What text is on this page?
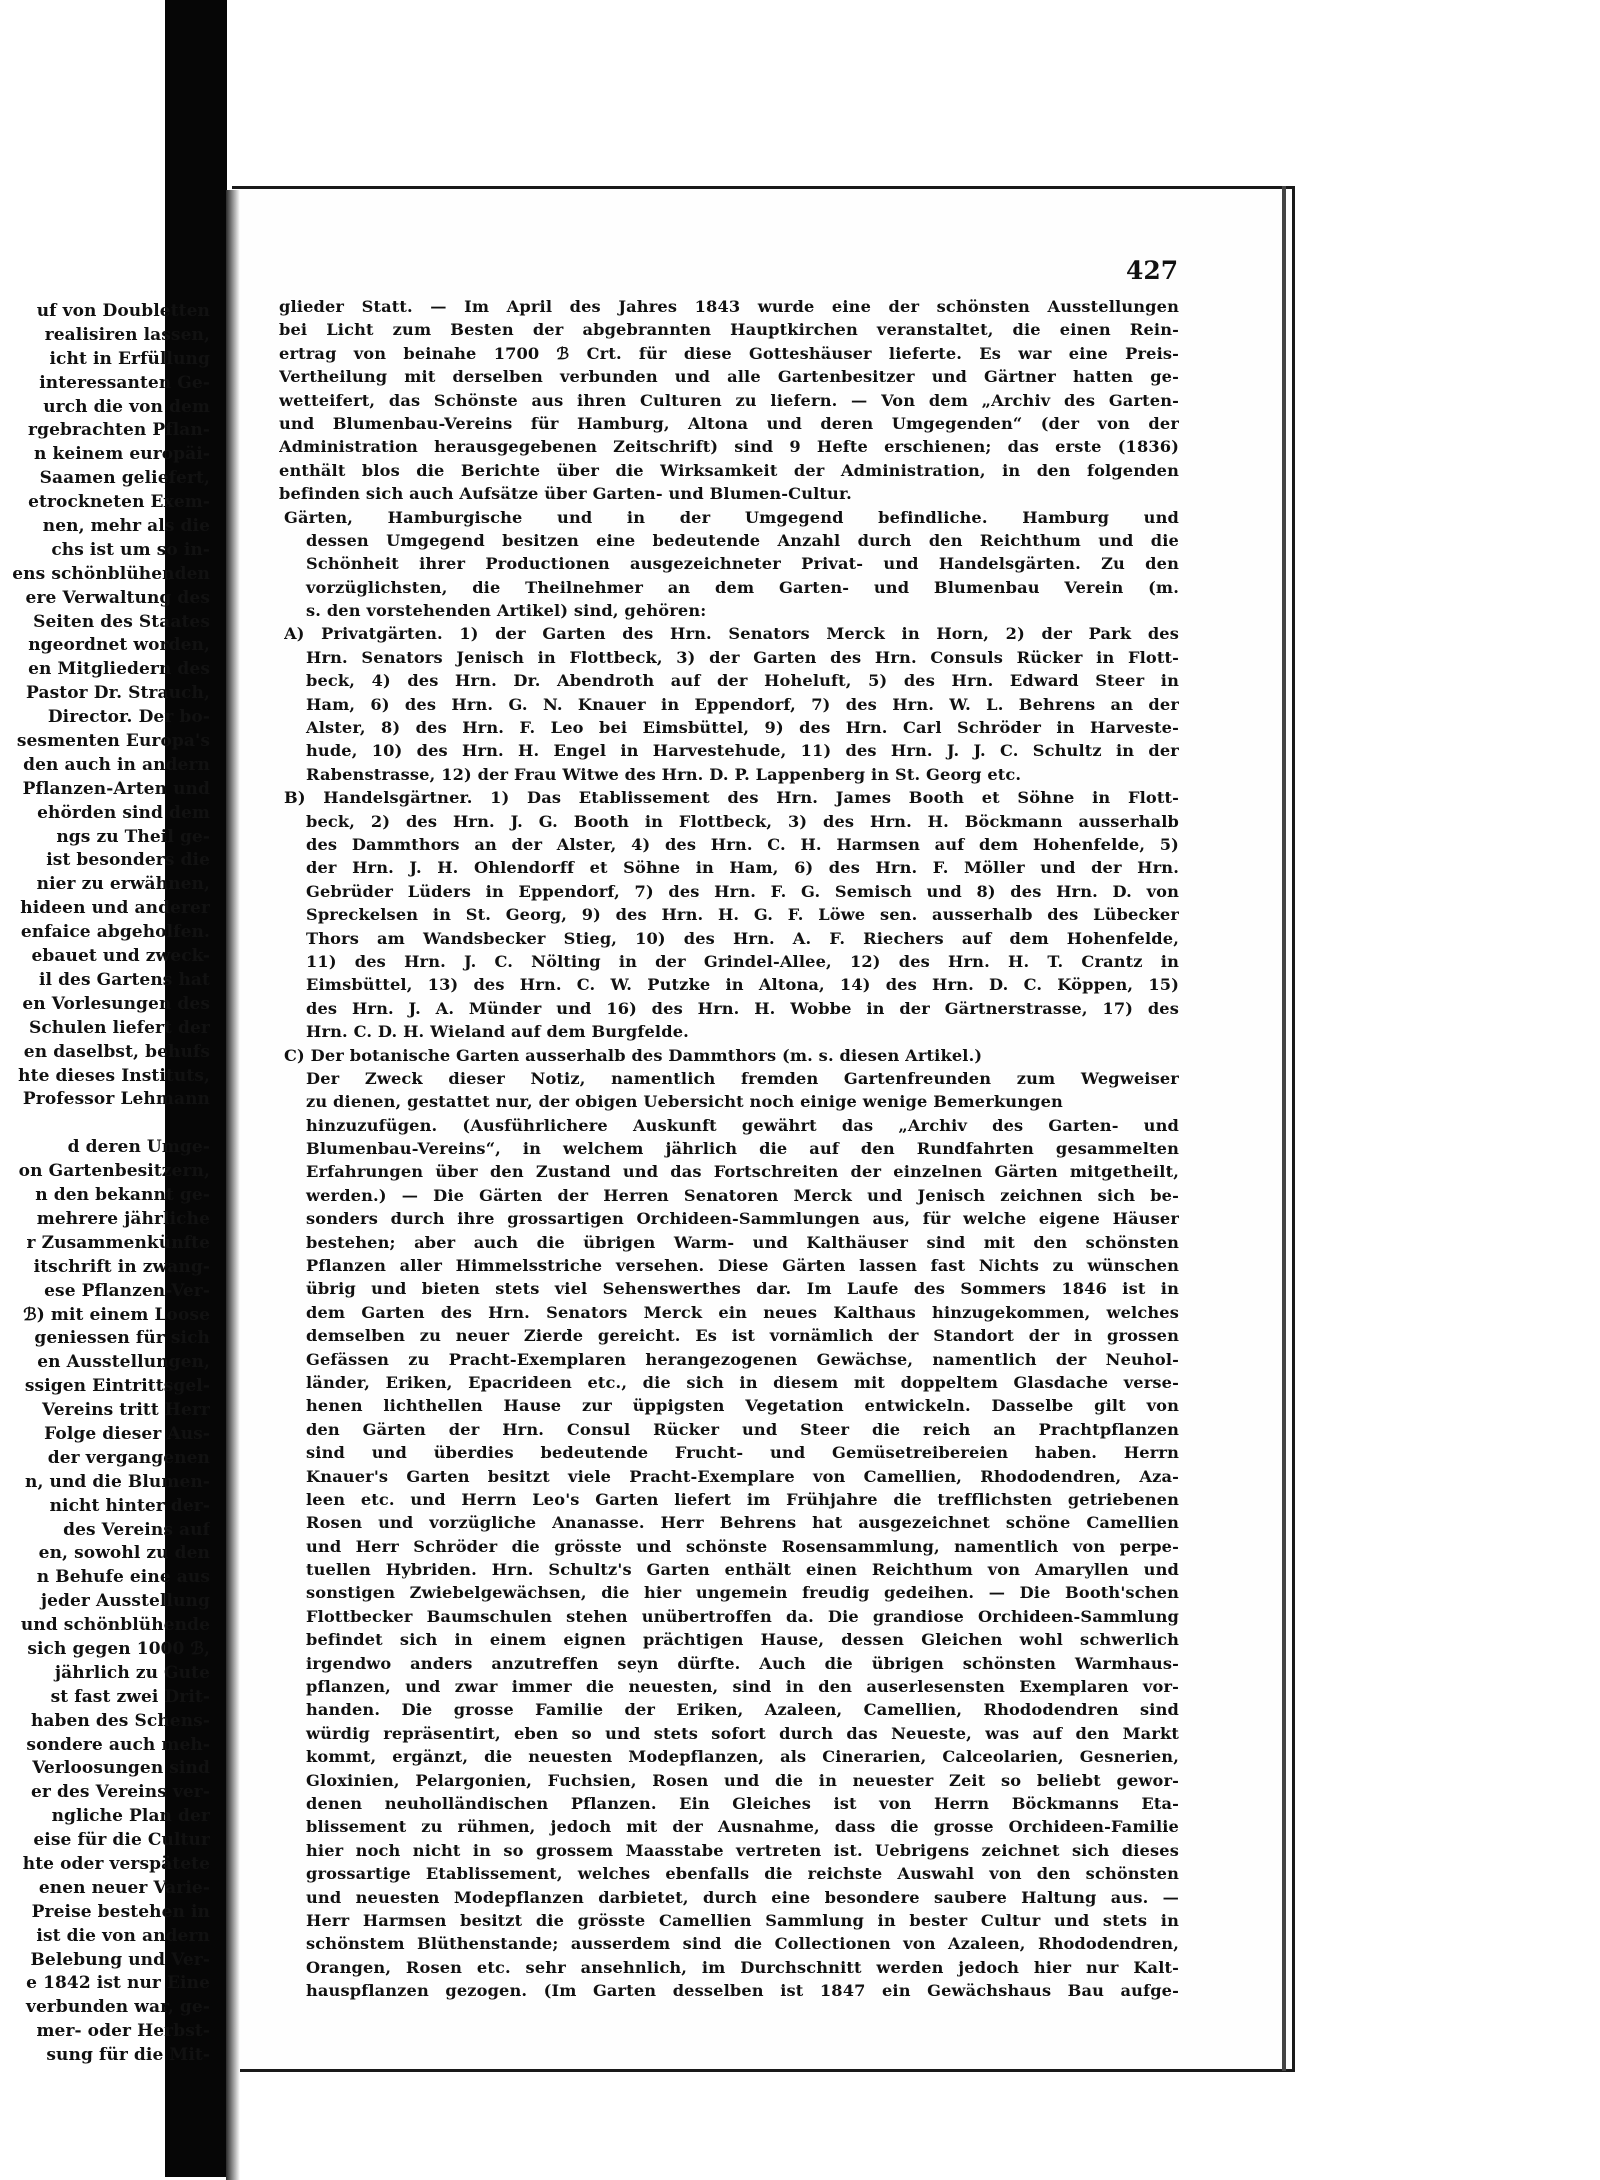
uf von Doubletten
realisiren lassen,
icht in Erfüllung
interessanten Ge-
urch die von dem
rgebrachten Pflan-
n keinem europäi-
Saamen geliefert,
etrockneten Exem-
nen, mehr als die
chs ist um so in-
ens schönblühenden
ere Verwaltung des
Seiten des Staates
ngeordnet worden,
en Mitgliedern des
Pastor Dr. Strauch,
Director. Der bo-
sesmenten Europa's
den auch in andern
Pflanzen-Arten und
ehörden sind dem
ngs zu Theil ge-
ist besonders die
nier zu erwähnen,
hideen und anderer
enfaice abgeholfen.
ebauet und zweck-
il des Gartens hat
en Vorlesungen des
Schulen liefert der
en daselbst, behufs
hte dieses Instituts,
Professor Lehmann
d deren Umge-
on Gartenbesitzern,
n den bekannt ge-
mehrere jährliche
r Zusammenkünfte
itschrift in zwang-
ese Pflanzen-Ver-
ℬ) mit einem Loose
geniessen für sich
en Ausstellungen,
ssigen Eintrittsgel-
Vereins tritt Herr
Folge dieser Aus-
der vergangenen
n, und die Blumen-
nicht hinter der-
des Vereins auf
en, sowohl zu den
n Behufe eine aus
jeder Ausstellung
und schönblühende
sich gegen 1000 ℬ,
jährlich zu Gute
st fast zwei Drit-
haben des Schens-
sondere auch meh-
Verloosungen sind
er des Vereins ver-
ngliche Plan der
eise für die Cultur
hte oder verspätete
enen neuer Varie-
Preise bestehen in
ist die von andern
Belebung und Ver-
e 1842 ist nur Eine
verbunden war, ge-
mer- oder Herbst-
sung für die Mit-
427
glieder Statt. — Im April des Jahres 1843 wurde eine der schönsten Ausstellungen
bei Licht zum Besten der abgebrannten Hauptkirchen veranstaltet, die einen Rein-
ertrag von beinahe 1700 ℬ Crt. für diese Gotteshäuser lieferte. Es war eine Preis-
Vertheilung mit derselben verbunden und alle Gartenbesitzer und Gärtner hatten ge-
wetteifert, das Schönste aus ihren Culturen zu liefern. — Von dem „Archiv des Garten-
und Blumenbau-Vereins für Hamburg, Altona und deren Umgegenden“ (der von der
Administration herausgegebenen Zeitschrift) sind 9 Hefte erschienen; das erste (1836)
enthält blos die Berichte über die Wirksamkeit der Administration, in den folgenden
befinden sich auch Aufsätze über Garten- und Blumen-Cultur.
Gärten, Hamburgische und in der Umgegend befindliche. Hamburg und
dessen Umgegend besitzen eine bedeutende Anzahl durch den Reichthum und die
Schönheit ihrer Productionen ausgezeichneter Privat- und Handelsgärten. Zu den
vorzüglichsten, die Theilnehmer an dem Garten- und Blumenbau Verein (m.
s. den vorstehenden Artikel) sind, gehören:
A) Privatgärten. 1) der Garten des Hrn. Senators Merck in Horn, 2) der Park des
Hrn. Senators Jenisch in Flottbeck, 3) der Garten des Hrn. Consuls Rücker in Flott-
beck, 4) des Hrn. Dr. Abendroth auf der Hoheluft, 5) des Hrn. Edward Steer in
Ham, 6) des Hrn. G. N. Knauer in Eppendorf, 7) des Hrn. W. L. Behrens an der
Alster, 8) des Hrn. F. Leo bei Eimsbüttel, 9) des Hrn. Carl Schröder in Harveste-
hude, 10) des Hrn. H. Engel in Harvestehude, 11) des Hrn. J. J. C. Schultz in der
Rabenstrasse, 12) der Frau Witwe des Hrn. D. P. Lappenberg in St. Georg etc.
B) Handelsgärtner. 1) Das Etablissement des Hrn. James Booth et Söhne in Flott-
beck, 2) des Hrn. J. G. Booth in Flottbeck, 3) des Hrn. H. Böckmann ausserhalb
des Dammthors an der Alster, 4) des Hrn. C. H. Harmsen auf dem Hohenfelde, 5)
der Hrn. J. H. Ohlendorff et Söhne in Ham, 6) des Hrn. F. Möller und der Hrn.
Gebrüder Lüders in Eppendorf, 7) des Hrn. F. G. Semisch und 8) des Hrn. D. von
Spreckelsen in St. Georg, 9) des Hrn. H. G. F. Löwe sen. ausserhalb des Lübecker
Thors am Wandsbecker Stieg, 10) des Hrn. A. F. Riechers auf dem Hohenfelde,
11) des Hrn. J. C. Nölting in der Grindel-Allee, 12) des Hrn. H. T. Crantz in
Eimsbüttel, 13) des Hrn. C. W. Putzke in Altona, 14) des Hrn. D. C. Köppen, 15)
des Hrn. J. A. Münder und 16) des Hrn. H. Wobbe in der Gärtnerstrasse, 17) des
Hrn. C. D. H. Wieland auf dem Burgfelde.
C) Der botanische Garten ausserhalb des Dammthors (m. s. diesen Artikel.)
Der Zweck dieser Notiz, namentlich fremden Gartenfreunden zum Wegweiser
zu dienen, gestattet nur, der obigen Uebersicht noch einige wenige Bemerkungen
hinzuzufügen. (Ausführlichere Auskunft gewährt das „Archiv des Garten- und
Blumenbau-Vereins“, in welchem jährlich die auf den Rundfahrten gesammelten
Erfahrungen über den Zustand und das Fortschreiten der einzelnen Gärten mitgetheilt,
werden.) — Die Gärten der Herren Senatoren Merck und Jenisch zeichnen sich be-
sonders durch ihre grossartigen Orchideen-Sammlungen aus, für welche eigene Häuser
bestehen; aber auch die übrigen Warm- und Kalthäuser sind mit den schönsten
Pflanzen aller Himmelsstriche versehen. Diese Gärten lassen fast Nichts zu wünschen
übrig und bieten stets viel Sehenswerthes dar. Im Laufe des Sommers 1846 ist in
dem Garten des Hrn. Senators Merck ein neues Kalthaus hinzugekommen, welches
demselben zu neuer Zierde gereicht. Es ist vornämlich der Standort der in grossen
Gefässen zu Pracht-Exemplaren herangezogenen Gewächse, namentlich der Neuhol-
länder, Eriken, Epacrideen etc., die sich in diesem mit doppeltem Glasdache verse-
henen lichthellen Hause zur üppigsten Vegetation entwickeln. Dasselbe gilt von
den Gärten der Hrn. Consul Rücker und Steer die reich an Prachtpflanzen
sind und überdies bedeutende Frucht- und Gemüsetreibereien haben. Herrn
Knauer's Garten besitzt viele Pracht-Exemplare von Camellien, Rhododendren, Aza-
leen etc. und Herrn Leo's Garten liefert im Frühjahre die trefflichsten getriebenen
Rosen und vorzügliche Ananasse. Herr Behrens hat ausgezeichnet schöne Camellien
und Herr Schröder die grösste und schönste Rosensammlung, namentlich von perpe-
tuellen Hybriden. Hrn. Schultz's Garten enthält einen Reichthum von Amaryllen und
sonstigen Zwiebelgewächsen, die hier ungemein freudig gedeihen. — Die Booth'schen
Flottbecker Baumschulen stehen unübertroffen da. Die grandiose Orchideen-Sammlung
befindet sich in einem eignen prächtigen Hause, dessen Gleichen wohl schwerlich
irgendwo anders anzutreffen seyn dürfte. Auch die übrigen schönsten Warmhaus-
pflanzen, und zwar immer die neuesten, sind in den auserlesensten Exemplaren vor-
handen. Die grosse Familie der Eriken, Azaleen, Camellien, Rhododendren sind
würdig repräsentirt, eben so und stets sofort durch das Neueste, was auf den Markt
kommt, ergänzt, die neuesten Modepflanzen, als Cinerarien, Calceolarien, Gesnerien,
Gloxinien, Pelargonien, Fuchsien, Rosen und die in neuester Zeit so beliebt gewor-
denen neuholländischen Pflanzen. Ein Gleiches ist von Herrn Böckmanns Eta-
blissement zu rühmen, jedoch mit der Ausnahme, dass die grosse Orchideen-Familie
hier noch nicht in so grossem Maasstabe vertreten ist. Uebrigens zeichnet sich dieses
grossartige Etablissement, welches ebenfalls die reichste Auswahl von den schönsten
und neuesten Modepflanzen darbietet, durch eine besondere saubere Haltung aus. —
Herr Harmsen besitzt die grösste Camellien Sammlung in bester Cultur und stets in
schönstem Blüthenstande; ausserdem sind die Collectionen von Azaleen, Rhododendren,
Orangen, Rosen etc. sehr ansehnlich, im Durchschnitt werden jedoch hier nur Kalt-
hauspflanzen gezogen. (Im Garten desselben ist 1847 ein Gewächshaus Bau aufge-
